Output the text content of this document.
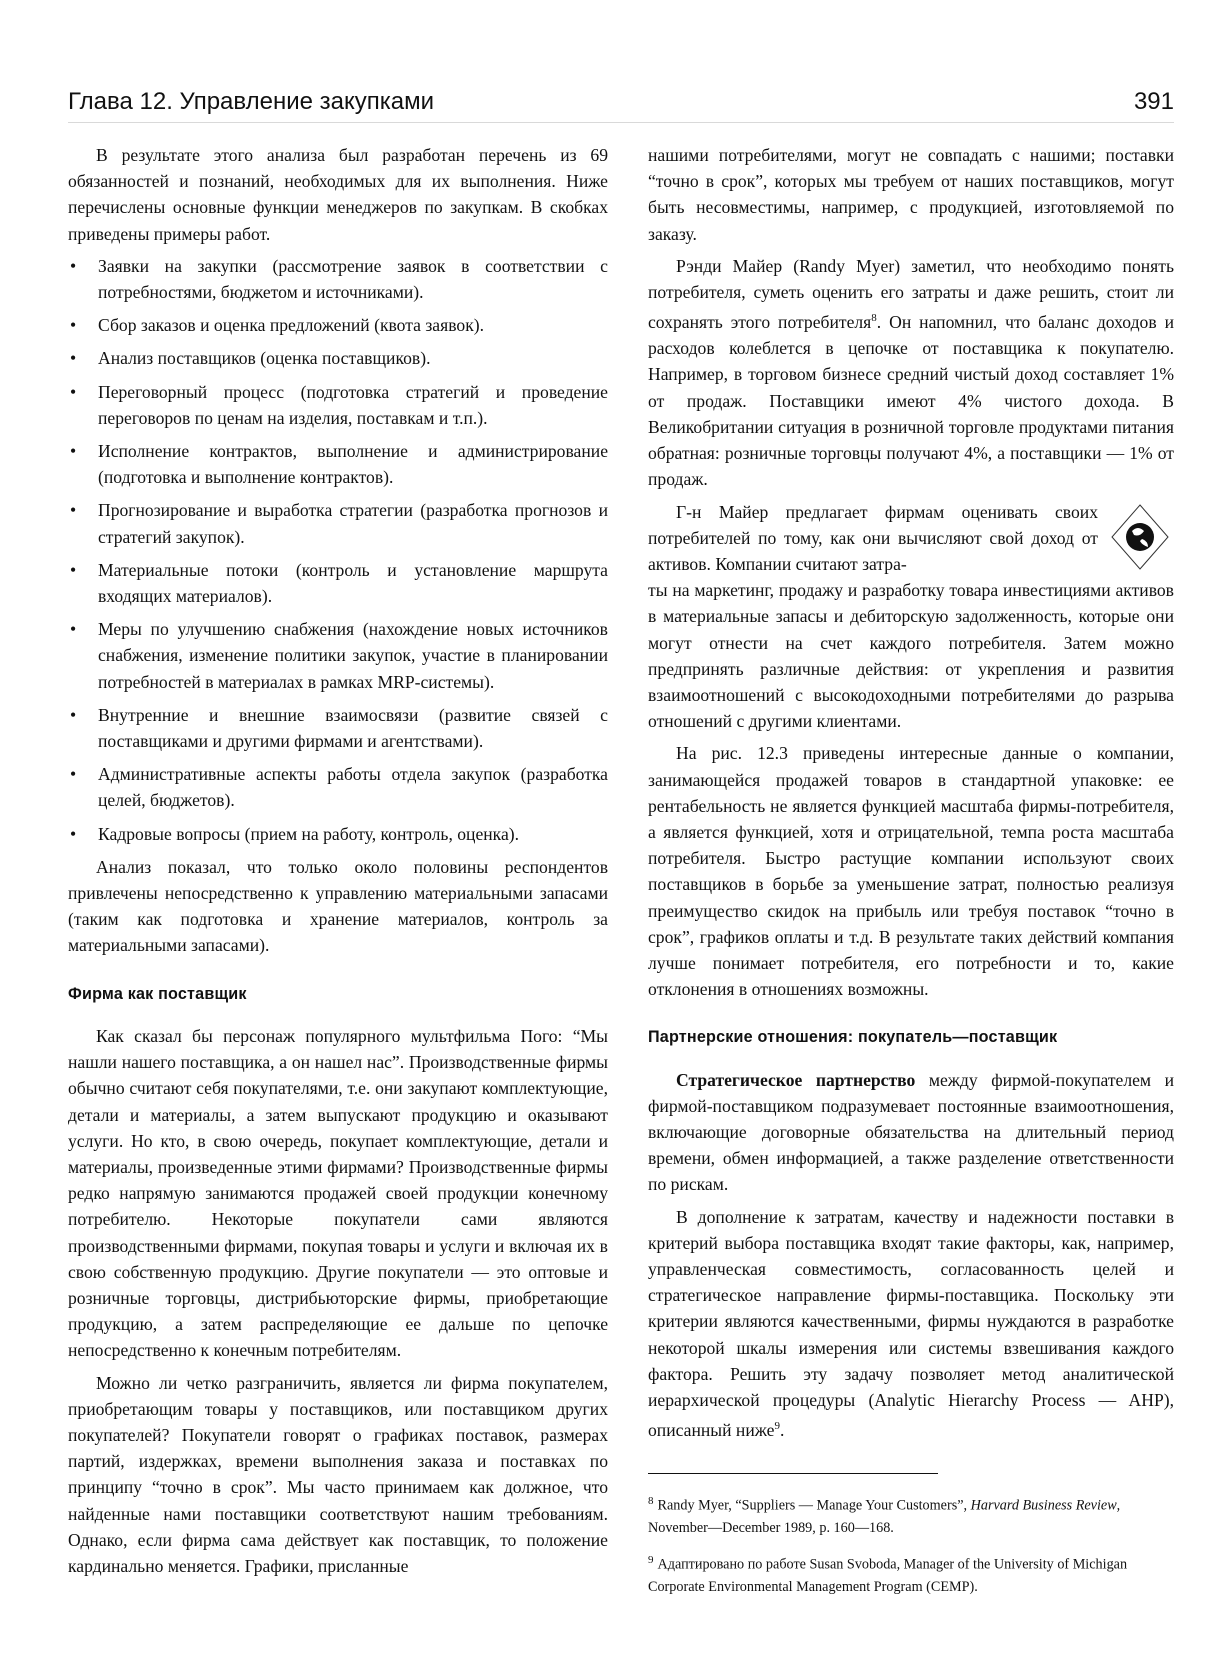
Глава 12. Управление закупками	391

В результате этого анализа был разработан перечень из 69 обязанностей и познаний, необходимых для их выполнения. Ниже перечислены основные функции менеджеров по закупкам. В скобках приведены примеры работ.

• Заявки на закупки (рассмотрение заявок в соответствии с потребностями, бюджетом и источниками).
• Сбор заказов и оценка предложений (квота заявок).
• Анализ поставщиков (оценка поставщиков).
• Переговорный процесс (подготовка стратегий и проведение переговоров по ценам на изделия, поставкам и т.п.).
• Исполнение контрактов, выполнение и администрирование (подготовка и выполнение контрактов).
• Прогнозирование и выработка стратегии (разработка прогнозов и стратегий закупок).
• Материальные потоки (контроль и установление маршрута входящих материалов).
• Меры по улучшению снабжения (нахождение новых источников снабжения, изменение политики закупок, участие в планировании потребностей в материалах в рамках MRP-системы).
• Внутренние и внешние взаимосвязи (развитие связей с поставщиками и другими фирмами и агентствами).
• Административные аспекты работы отдела закупок (разработка целей, бюджетов).
• Кадровые вопросы (прием на работу, контроль, оценка).

Анализ показал, что только около половины респондентов привлечены непосредственно к управлению материальными запасами (таким как подготовка и хранение материалов, контроль за материальными запасами).

Фирма как поставщик

Как сказал бы персонаж популярного мультфильма Пого: “Мы нашли нашего поставщика, а он нашел нас”. Производственные фирмы обычно считают себя покупателями, т.е. они закупают комплектующие, детали и материалы, а затем выпускают продукцию и оказывают услуги. Но кто, в свою очередь, покупает комплектующие, детали и материалы, произведенные этими фирмами? Производственные фирмы редко напрямую занимаются продажей своей продукции конечному потребителю. Некоторые покупатели сами являются производственными фирмами, покупая товары и услуги и включая их в свою собственную продукцию. Другие покупатели — это оптовые и розничные торговцы, дистрибьюторские фирмы, приобретающие продукцию, а затем распределяющие ее дальше по цепочке непосредственно к конечным потребителям.

Можно ли четко разграничить, является ли фирма покупателем, приобретающим товары у поставщиков, или поставщиком других покупателей? Покупатели говорят о графиках поставок, размерах партий, издержках, времени выполнения заказа и поставках по принципу “точно в срок”. Мы часто принимаем как должное, что найденные нами поставщики соответствуют нашим требованиям. Однако, если фирма сама действует как поставщик, то положение кардинально меняется. Графики, присланные

нашими потребителями, могут не совпадать с нашими; поставки “точно в срок”, которых мы требуем от наших поставщиков, могут быть несовместимы, например, с продукцией, изготовляемой по заказу.

Рэнди Майер (Randy Myer) заметил, что необходимо понять потребителя, суметь оценить его затраты и даже решить, стоит ли сохранять этого потребителя$^8$. Он напомнил, что баланс доходов и расходов колеблется в цепочке от поставщика к покупателю. Например, в торговом бизнесе средний чистый доход составляет 1% от продаж. Поставщики имеют 4% чистого дохода. В Великобритании ситуация в розничной торговле продуктами питания обратная: розничные торговцы получают 4%, а поставщики — 1% от продаж.

Г-н Майер предлагает фирмам оценивать своих потребителей по тому, как они вычисляют свой доход от активов. Компании считают затра-

ты на маркетинг, продажу и разработку товара инвестициями активов в материальные запасы и дебиторскую задолженность, которые они могут отнести на счет каждого потребителя. Затем можно предпринять различные действия: от укрепления и развития взаимоотношений с высокодоходными потребителями до разрыва отношений с другими клиентами.

На рис. 12.3 приведены интересные данные о компании, занимающейся продажей товаров в стандартной упаковке: ее рентабельность не является функцией масштаба фирмы-потребителя, а является функцией, хотя и отрицательной, темпа роста масштаба потребителя. Быстро растущие компании используют своих поставщиков в борьбе за уменьшение затрат, полностью реализуя преимущество скидок на прибыль или требуя поставок “точно в срок”, графиков оплаты и т.д. В результате таких действий компания лучше понимает потребителя, его потребности и то, какие отклонения в отношениях возможны.

Партнерские отношения: покупатель—поставщик

Стратегическое партнерство между фирмой-покупателем и фирмой-поставщиком подразумевает постоянные взаимоотношения, включающие договорные обязательства на длительный период времени, обмен информацией, а также разделение ответственности по рискам.

В дополнение к затратам, качеству и надежности поставки в критерий выбора поставщика входят такие факторы, как, например, управленческая совместимость, согласованность целей и стратегическое направление фирмы-поставщика. Поскольку эти критерии являются качественными, фирмы нуждаются в разработке некоторой шкалы измерения или системы взвешивания каждого фактора. Решить эту задачу позволяет метод аналитической иерархической процедуры (Analytic Hierarchy Process — AHP), описанный ниже$^9$.

$^8$ Randy Myer, “Suppliers — Manage Your Customers”, Harvard Business Review, November—December 1989, p. 160—168.
$^9$ Адаптировано по работе Susan Svoboda, Manager of the University of Michigan Corporate Environmental Management Program (CEMP).
